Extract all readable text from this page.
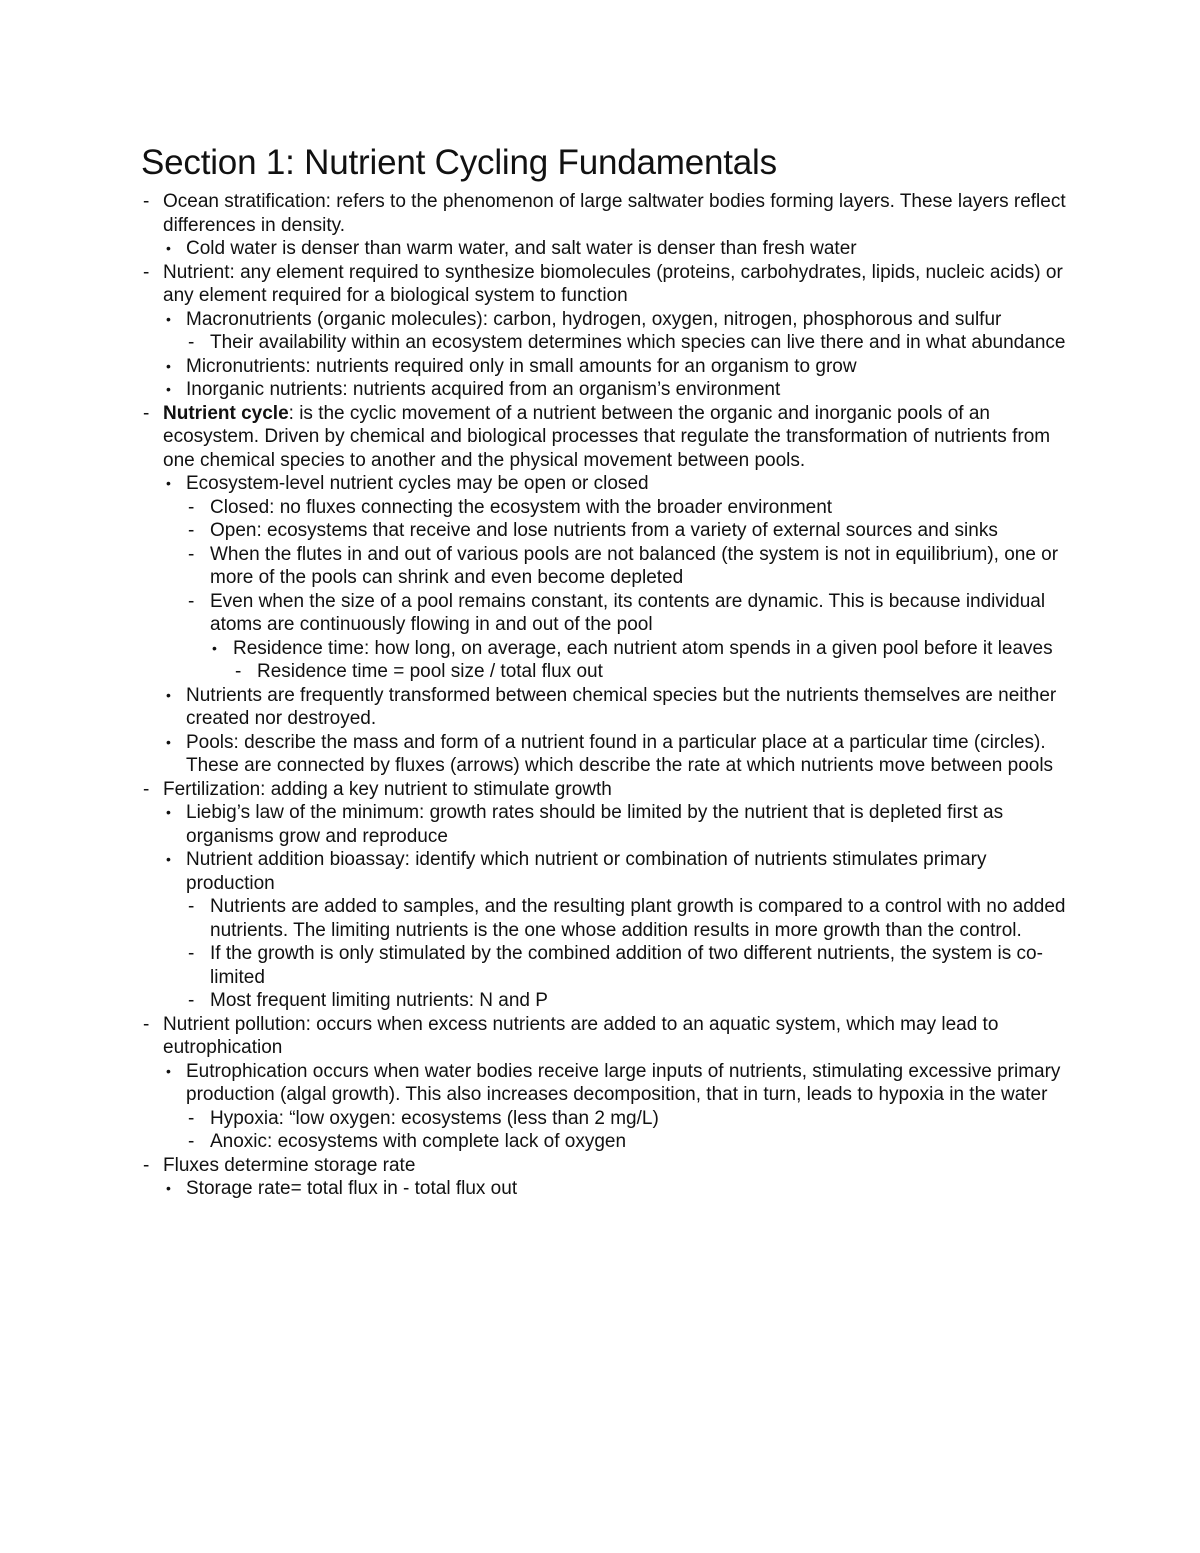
Section 1: Nutrient Cycling Fundamentals
- Ocean stratification: refers to the phenomenon of large saltwater bodies forming layers. These layers reflect differences in density.
• Cold water is denser than warm water, and salt water is denser than fresh water
- Nutrient: any element required to synthesize biomolecules (proteins, carbohydrates, lipids, nucleic acids) or any element required for a biological system to function
• Macronutrients (organic molecules): carbon, hydrogen, oxygen, nitrogen, phosphorous and sulfur
- Their availability within an ecosystem determines which species can live there and in what abundance
• Micronutrients: nutrients required only in small amounts for an organism to grow
• Inorganic nutrients: nutrients acquired from an organism’s environment
- Nutrient cycle: is the cyclic movement of a nutrient between the organic and inorganic pools of an ecosystem. Driven by chemical and biological processes that regulate the transformation of nutrients from one chemical species to another and the physical movement between pools.
• Ecosystem-level nutrient cycles may be open or closed
- Closed: no fluxes connecting the ecosystem with the broader environment
- Open: ecosystems that receive and lose nutrients from a variety of external sources and sinks
- When the flutes in and out of various pools are not balanced (the system is not in equilibrium), one or more of the pools can shrink and even become depleted
- Even when the size of a pool remains constant, its contents are dynamic. This is because individual atoms are continuously flowing in and out of the pool
• Residence time: how long, on average, each nutrient atom spends in a given pool before it leaves
- Residence time = pool size / total flux out
• Nutrients are frequently transformed between chemical species but the nutrients themselves are neither created nor destroyed.
• Pools: describe the mass and form of a nutrient found in a particular place at a particular time (circles). These are connected by fluxes (arrows) which describe the rate at which nutrients move between pools
- Fertilization: adding a key nutrient to stimulate growth
• Liebig’s law of the minimum: growth rates should be limited by the nutrient that is depleted first as organisms grow and reproduce
• Nutrient addition bioassay: identify which nutrient or combination of nutrients stimulates primary production
- Nutrients are added to samples, and the resulting plant growth is compared to a control with no added nutrients. The limiting nutrients is the one whose addition results in more growth than the control.
- If the growth is only stimulated by the combined addition of two different nutrients, the system is co-limited
- Most frequent limiting nutrients: N and P
- Nutrient pollution: occurs when excess nutrients are added to an aquatic system, which may lead to eutrophication
• Eutrophication occurs when water bodies receive large inputs of nutrients, stimulating excessive primary production (algal growth). This also increases decomposition, that in turn, leads to hypoxia in the water
- Hypoxia: “low oxygen: ecosystems (less than 2 mg/L)
- Anoxic: ecosystems with complete lack of oxygen
- Fluxes determine storage rate
• Storage rate= total flux in - total flux out
